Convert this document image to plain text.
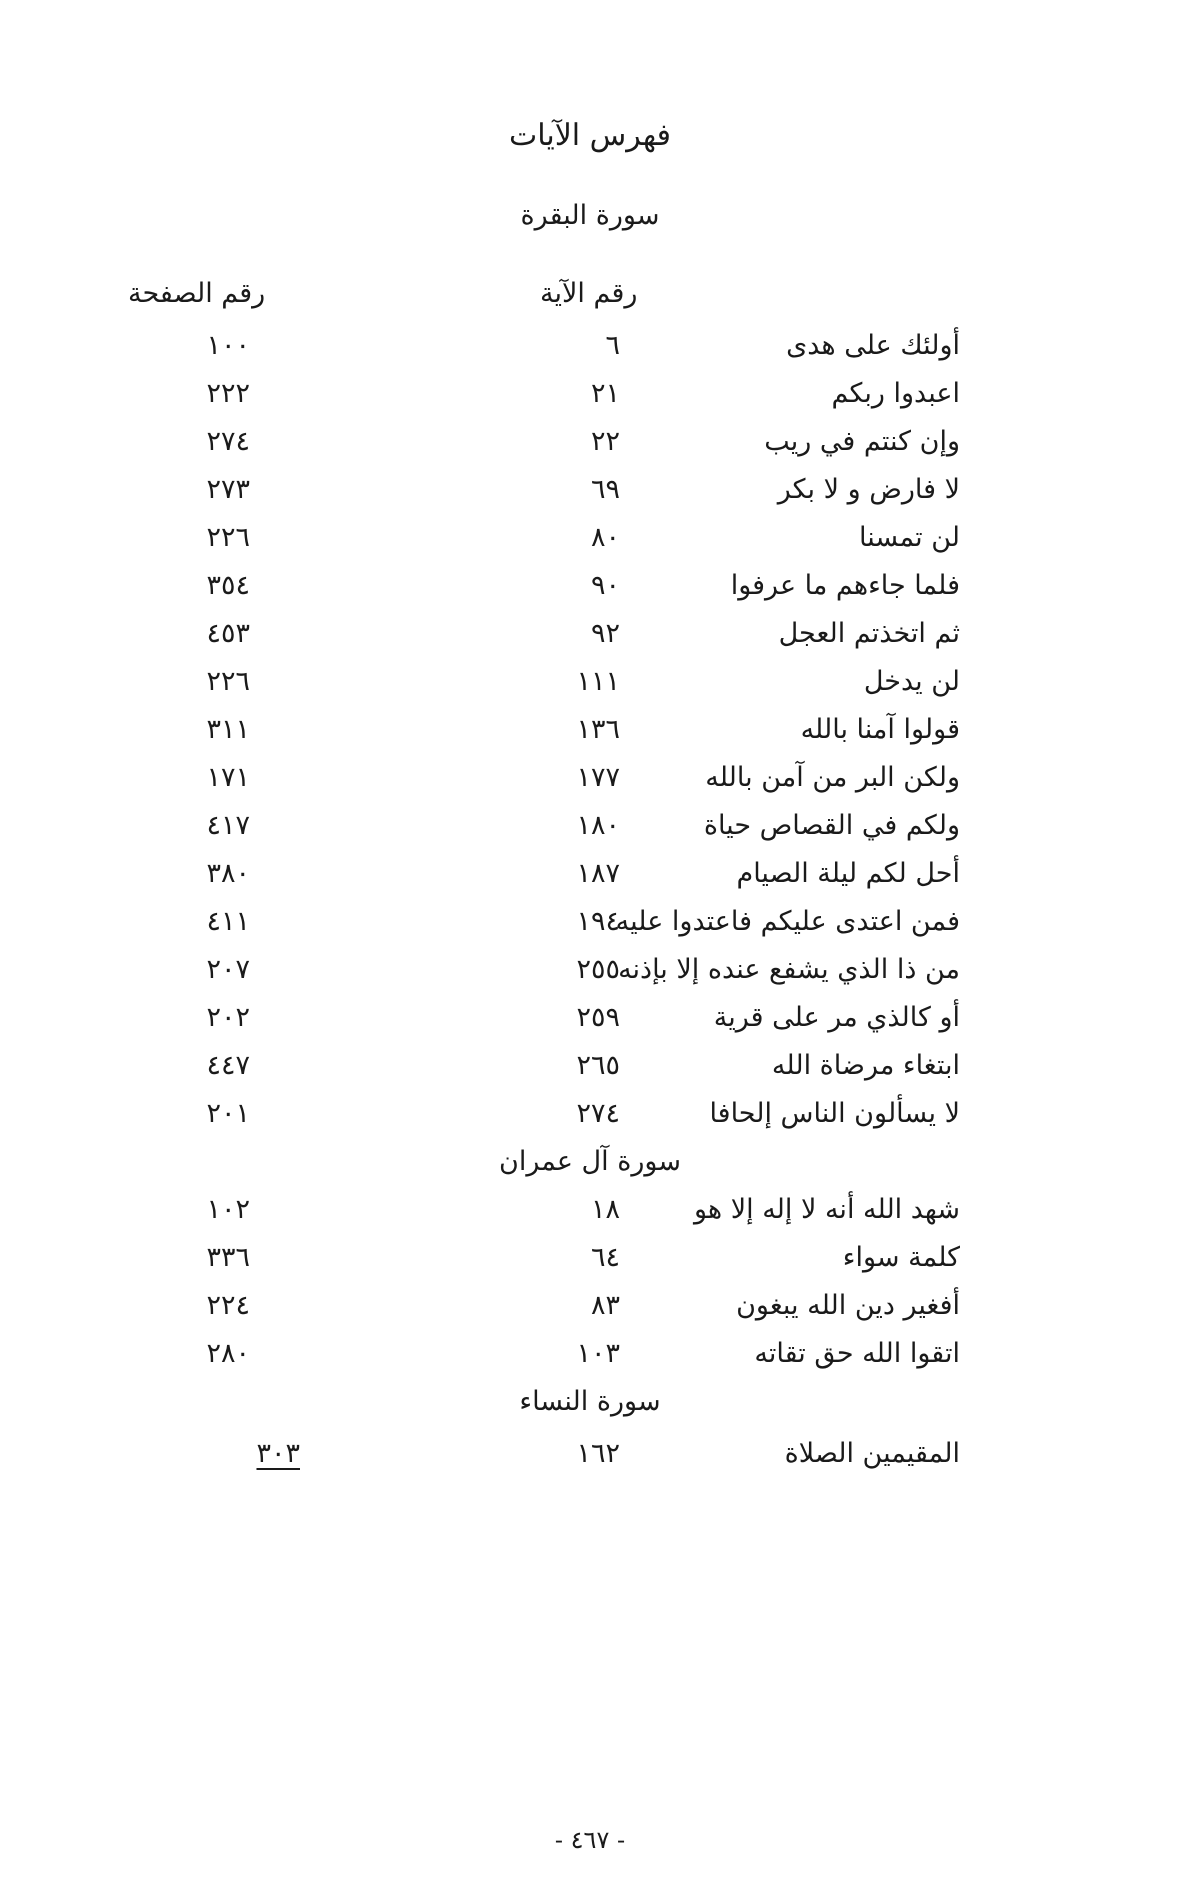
فهرس الآيات
سورة البقرة
رقم الآية
رقم الصفحة
أولئك على هدى
٦
١٠٠
اعبدوا ربكم
٢١
٢٢٢
وإن كنتم في ريب
٢٢
٢٧٤
لا فارض و لا بكر
٦٩
٢٧٣
لن تمسنا
٨٠
٢٢٦
فلما جاءهم ما عرفوا
٩٠
٣٥٤
ثم اتخذتم العجل
٩٢
٤٥٣
لن يدخل
١١١
٢٢٦
قولوا آمنا بالله
١٣٦
٣١١
ولكن البر من آمن بالله
١٧٧
١٧١
ولكم في القصاص حياة
١٨٠
٤١٧
أحل لكم ليلة الصيام
١٨٧
٣٨٠
فمن اعتدى عليكم فاعتدوا عليه
١٩٤
٤١١
من ذا الذي يشفع عنده إلا بإذنه
٢٥٥
٢٠٧
أو كالذي مر على قرية
٢٥٩
٢٠٢
ابتغاء مرضاة الله
٢٦٥
٤٤٧
لا يسألون الناس إلحافا
٢٧٤
٢٠١
سورة آل عمران
شهد الله أنه لا إله إلا هو
١٨
١٠٢
كلمة سواء
٦٤
٣٣٦
أفغير دين الله يبغون
٨٣
٢٢٤
اتقوا الله حق تقاته
١٠٣
٢٨٠
سورة النساء
المقيمين الصلاة
١٦٢
٣٠٣
- ٤٦٧ -
